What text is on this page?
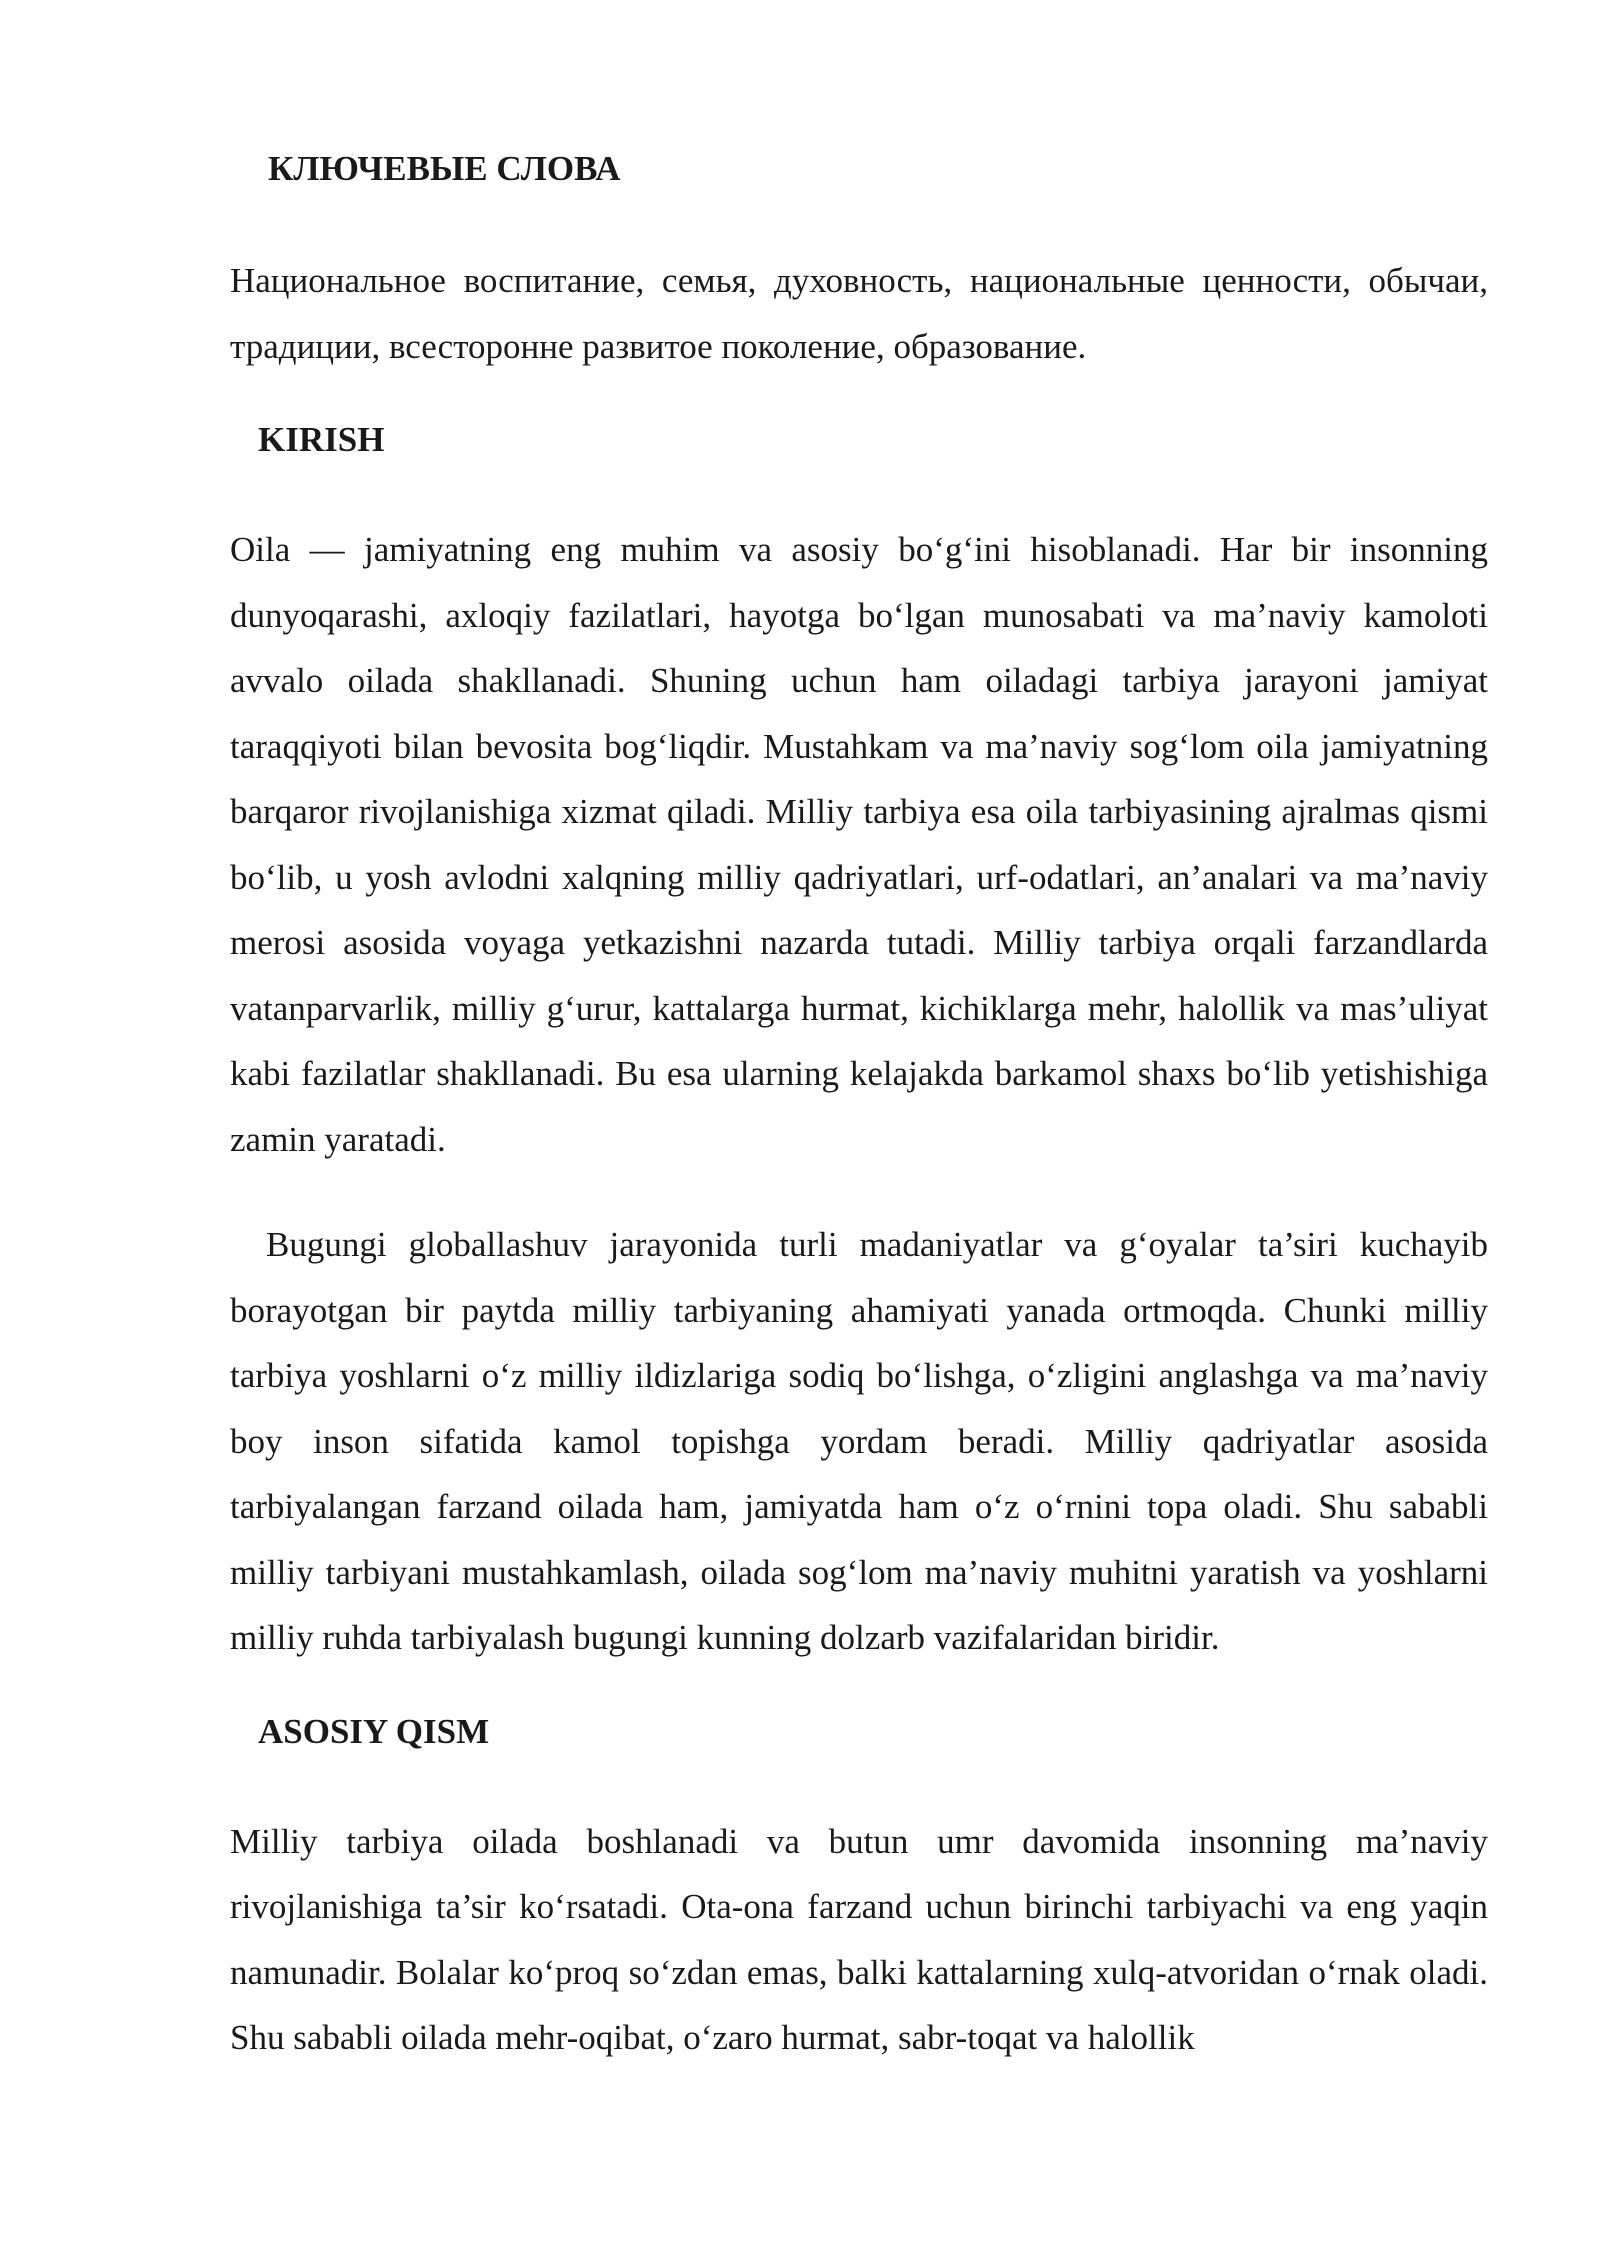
КЛЮЧЕВЫЕ СЛОВА

Национальное воспитание, семья, духовность, национальные ценности, обычаи, традиции, всесторонне развитое поколение, образование.

KIRISH

Oila — jamiyatning eng muhim va asosiy bo‘g‘ini hisoblanadi. Har bir insonning dunyoqarashi, axloqiy fazilatlari, hayotga bo‘lgan munosabati va ma’naviy kamoloti avvalo oilada shakllanadi. Shuning uchun ham oiladagi tarbiya jarayoni jamiyat taraqqiyoti bilan bevosita bog‘liqdir. Mustahkam va ma’naviy sog‘lom oila jamiyatning barqaror rivojlanishiga xizmat qiladi. Milliy tarbiya esa oila tarbiyasining ajralmas qismi bo‘lib, u yosh avlodni xalqning milliy qadriyatlari, urf-odatlari, an’analari va ma’naviy merosi asosida voyaga yetkazishni nazarda tutadi. Milliy tarbiya orqali farzandlarda vatanparvarlik, milliy g‘urur, kattalarga hurmat, kichiklarga mehr, halollik va mas’uliyat kabi fazilatlar shakllanadi. Bu esa ularning kelajakda barkamol shaxs bo‘lib yetishishiga zamin yaratadi.

Bugungi globallashuv jarayonida turli madaniyatlar va g‘oyalar ta’siri kuchayib borayotgan bir paytda milliy tarbiyaning ahamiyati yanada ortmoqda. Chunki milliy tarbiya yoshlarni o‘z milliy ildizlariga sodiq bo‘lishga, o‘zligini anglashga va ma’naviy boy inson sifatida kamol topishga yordam beradi. Milliy qadriyatlar asosida tarbiyalangan farzand oilada ham, jamiyatda ham o‘z o‘rnini topa oladi. Shu sababli milliy tarbiyani mustahkamlash, oilada sog‘lom ma’naviy muhitni yaratish va yoshlarni milliy ruhda tarbiyalash bugungi kunning dolzarb vazifalaridan biridir.

ASOSIY QISM

Milliy tarbiya oilada boshlanadi va butun umr davomida insonning ma’naviy rivojlanishiga ta’sir ko‘rsatadi. Ota-ona farzand uchun birinchi tarbiyachi va eng yaqin namunadir. Bolalar ko‘proq so‘zdan emas, balki kattalarning xulq-atvoridan o‘rnak oladi. Shu sababli oilada mehr-oqibat, o‘zaro hurmat, sabr-toqat va halollik
